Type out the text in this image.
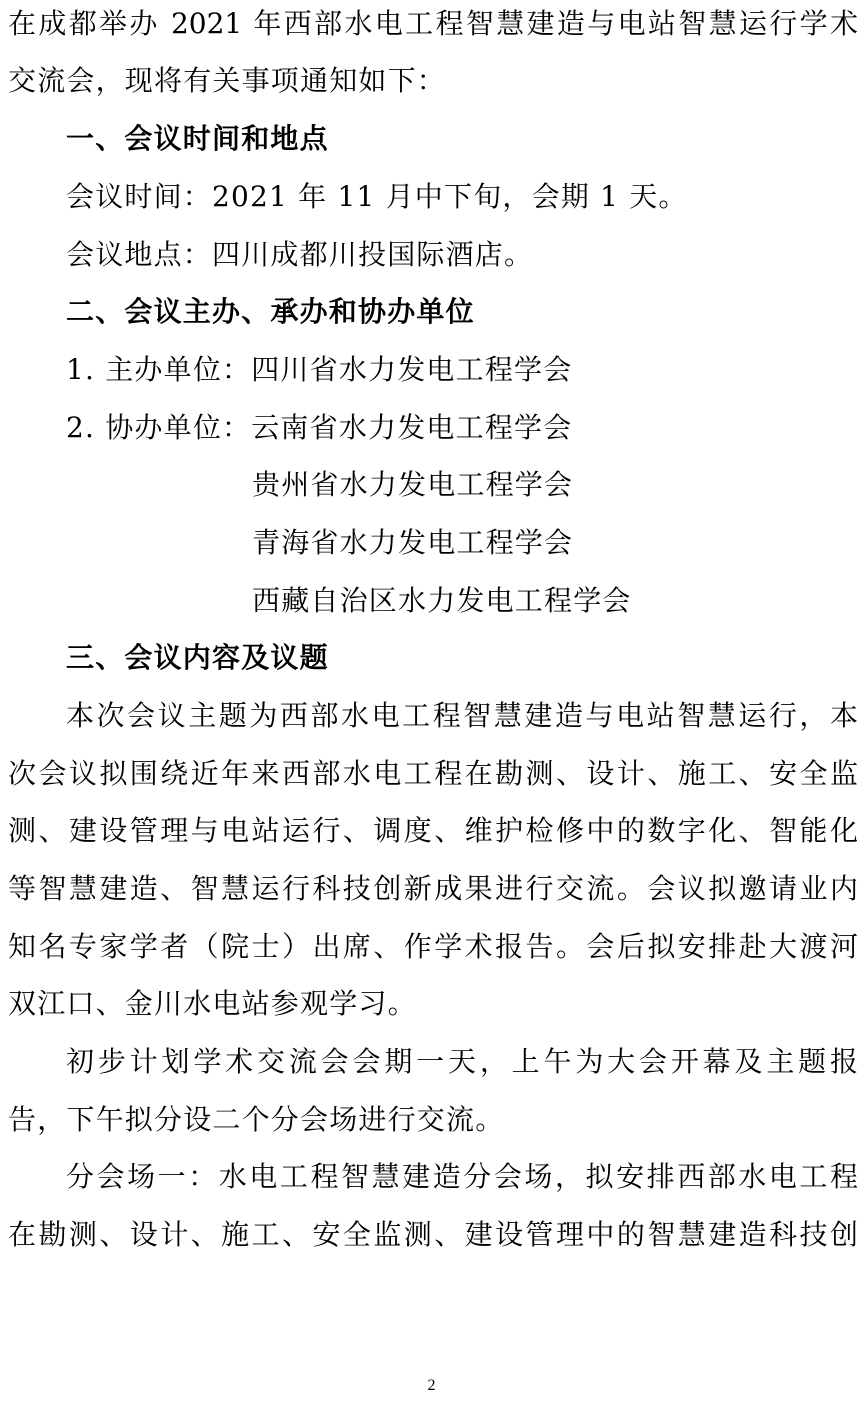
在成都举办 2021 年西部水电工程智慧建造与电站智慧运行学术
交流会，现将有关事项通知如下：
一、会议时间和地点
会议时间：2021 年 11 月中下旬，会期 1 天。
会议地点：四川成都川投国际酒店。
二、会议主办、承办和协办单位
1. 主办单位：四川省水力发电工程学会
2. 协办单位：云南省水力发电工程学会
贵州省水力发电工程学会
青海省水力发电工程学会
西藏自治区水力发电工程学会
三、会议内容及议题
本次会议主题为西部水电工程智慧建造与电站智慧运行，本
次会议拟围绕近年来西部水电工程在勘测、设计、施工、安全监
测、建设管理与电站运行、调度、维护检修中的数字化、智能化
等智慧建造、智慧运行科技创新成果进行交流。会议拟邀请业内
知名专家学者（院士）出席、作学术报告。会后拟安排赴大渡河
双江口、金川水电站参观学习。
初步计划学术交流会会期一天，上午为大会开幕及主题报
告，下午拟分设二个分会场进行交流。
分会场一：水电工程智慧建造分会场，拟安排西部水电工程
在勘测、设计、施工、安全监测、建设管理中的智慧建造科技创
2
